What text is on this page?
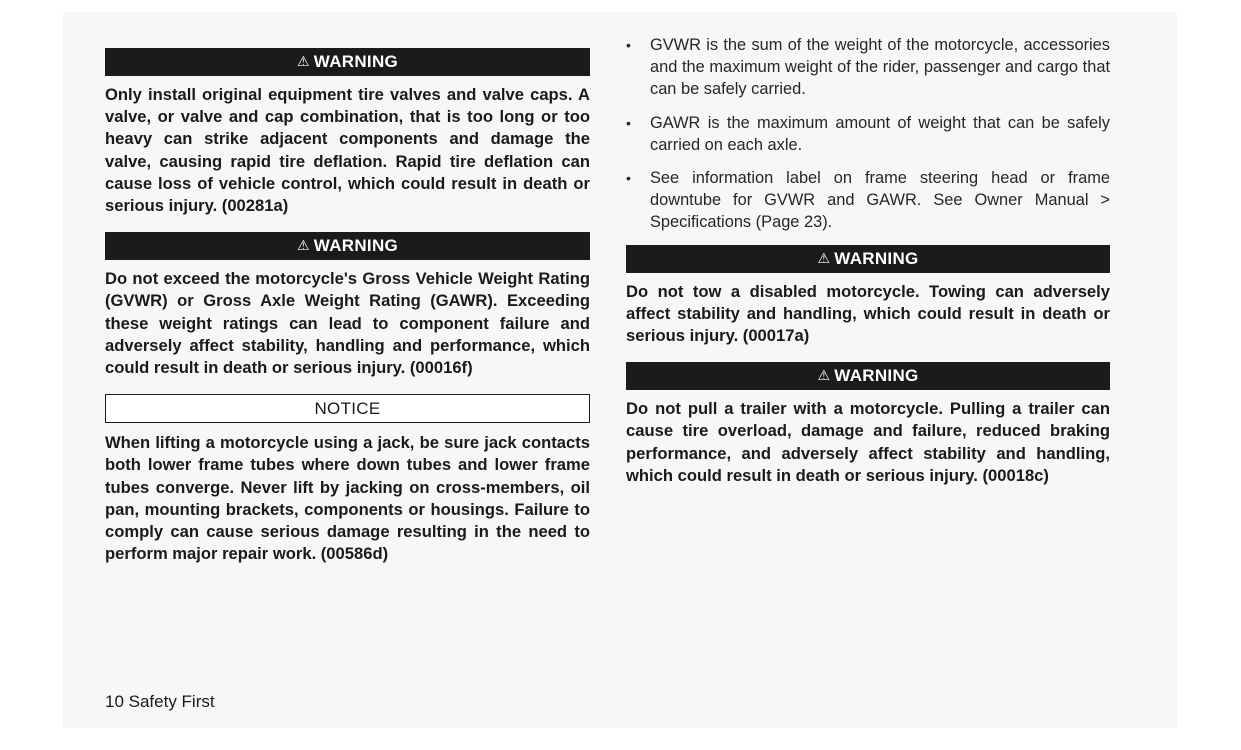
⚠ WARNING

Only install original equipment tire valves and valve caps. A valve, or valve and cap combination, that is too long or too heavy can strike adjacent components and damage the valve, causing rapid tire deflation. Rapid tire deflation can cause loss of vehicle control, which could result in death or serious injury. (00281a)

⚠ WARNING

Do not exceed the motorcycle's Gross Vehicle Weight Rating (GVWR) or Gross Axle Weight Rating (GAWR). Exceeding these weight ratings can lead to component failure and adversely affect stability, handling and performance, which could result in death or serious injury. (00016f)

NOTICE

When lifting a motorcycle using a jack, be sure jack contacts both lower frame tubes where down tubes and lower frame tubes converge. Never lift by jacking on cross-members, oil pan, mounting brackets, components or housings. Failure to comply can cause serious damage resulting in the need to perform major repair work. (00586d)

• GVWR is the sum of the weight of the motorcycle, accessories and the maximum weight of the rider, passenger and cargo that can be safely carried.
• GAWR is the maximum amount of weight that can be safely carried on each axle.
• See information label on frame steering head or frame downtube for GVWR and GAWR. See Owner Manual > Specifications (Page 23).
⚠ WARNING

Do not tow a disabled motorcycle. Towing can adversely affect stability and handling, which could result in death or serious injury. (00017a)

⚠ WARNING

Do not pull a trailer with a motorcycle. Pulling a trailer can cause tire overload, damage and failure, reduced braking performance, and adversely affect stability and handling, which could result in death or serious injury. (00018c)

10 Safety First
